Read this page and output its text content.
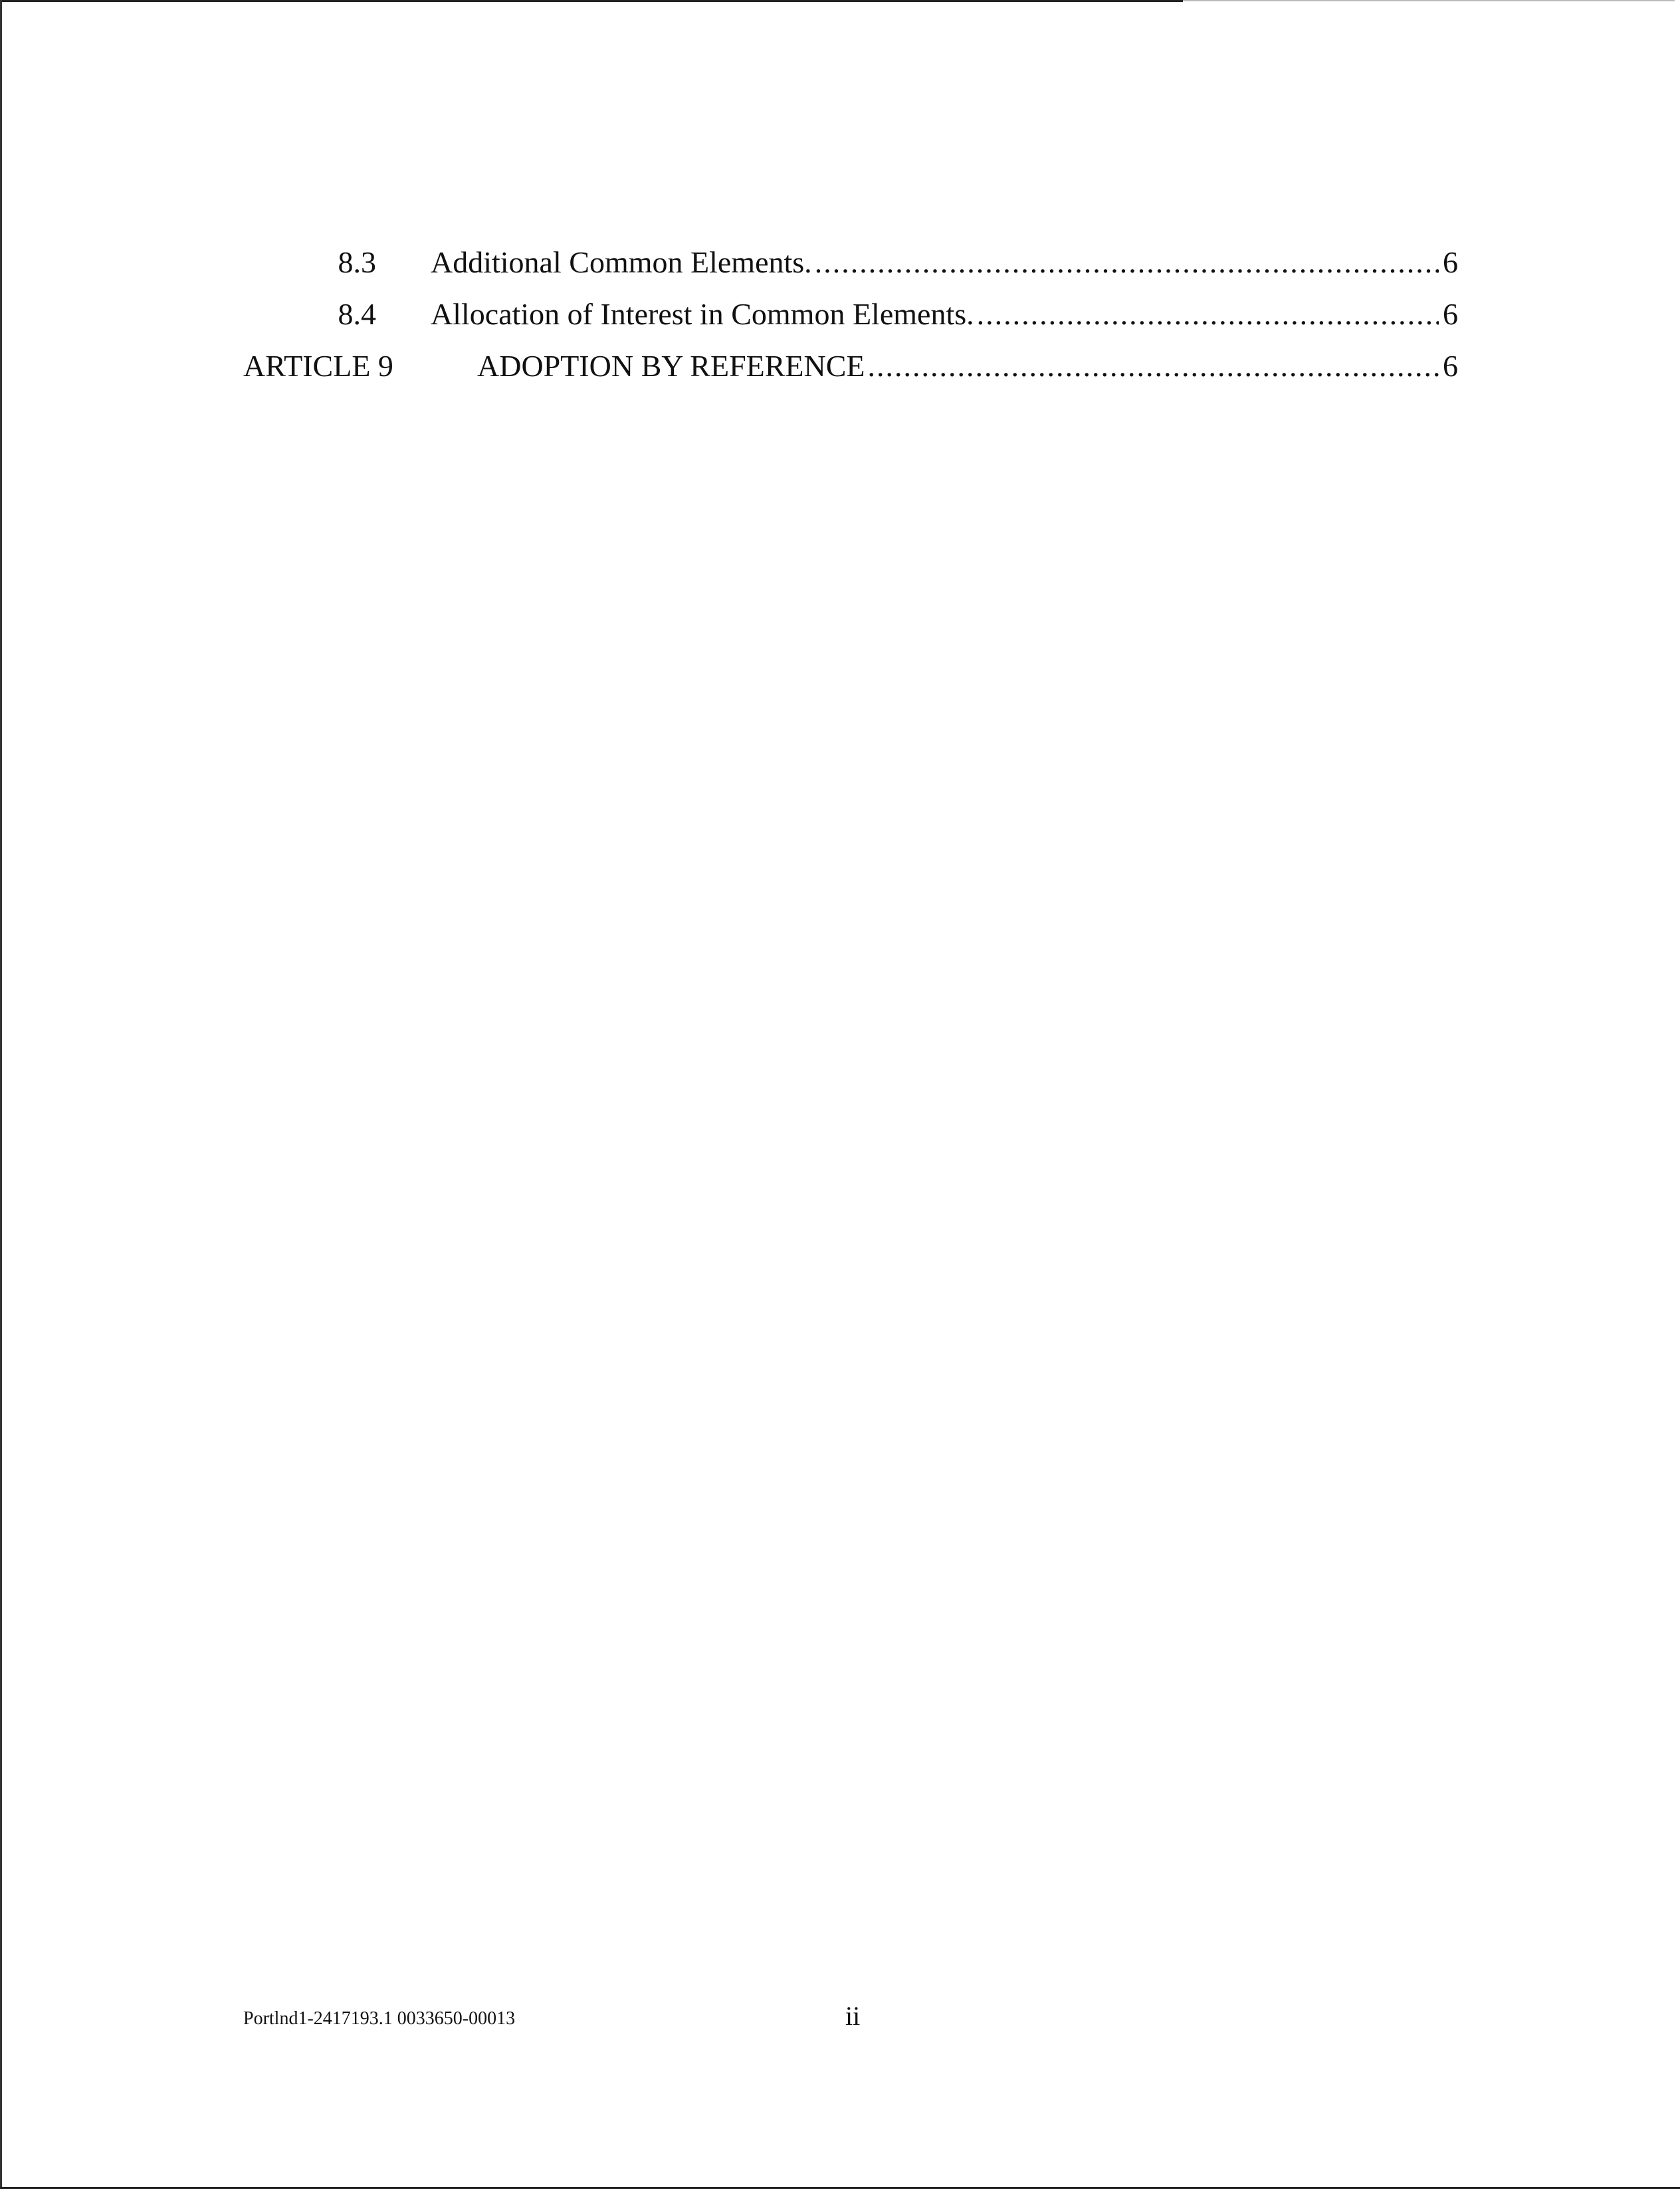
8.3 Additional Common Elements. .....	6
8.4 Allocation of Interest in Common Elements. .....	6
ARTICLE 9	ADOPTION BY REFERENCE .....	6
Portlnd1-2417193.1 0033650-00013	ii
